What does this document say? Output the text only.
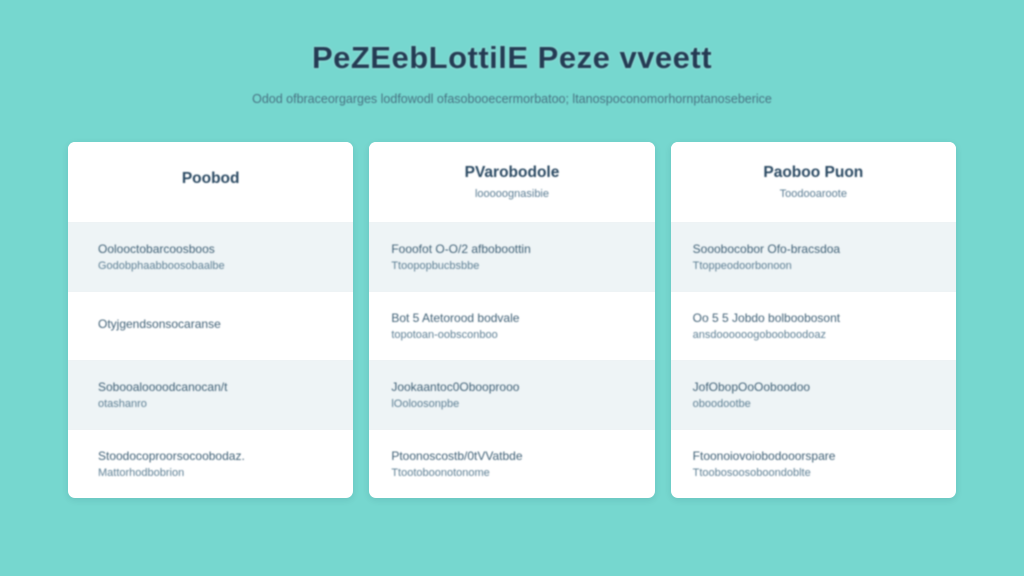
PeZEebLottilE Peze vveett
Odod ofbraceorgarges lodfowodl ofasobooecermorbatoo; ltanospoconomorhornptanoseberice
Poobod
Oolooctobarcoosboos
Godobphaabboosobaalbe
Otyjgendsonsocaranse
Sobooaloooodcanocan/t
otashanro
Stoodocoproorsocoobodaz.
Mattorhodbobrion
PVarobodole
looooognasibie
Fooofot O-O/2 afboboottin
Ttoopopbucbsbbe
Bot 5 Atetorood bodvale
topotoan-oobsconboo
Jookaantoc0Obooprooo
lOoloosonpbe
Ptoonoscostb/0tVVatbde
Ttootoboonotonome
Paoboo Puon
Toodooaroote
Sooobocobor Ofo-bracsdoa
Ttoppeodoorbonoon
Oo 5 5 Jobdo bolboobosont
ansdoooooogobooboodoaz
JofObopOoOoboodoo
oboodootbe
Ftoonoiovoiobodooorspare
Ttoobosoosoboondoblte
